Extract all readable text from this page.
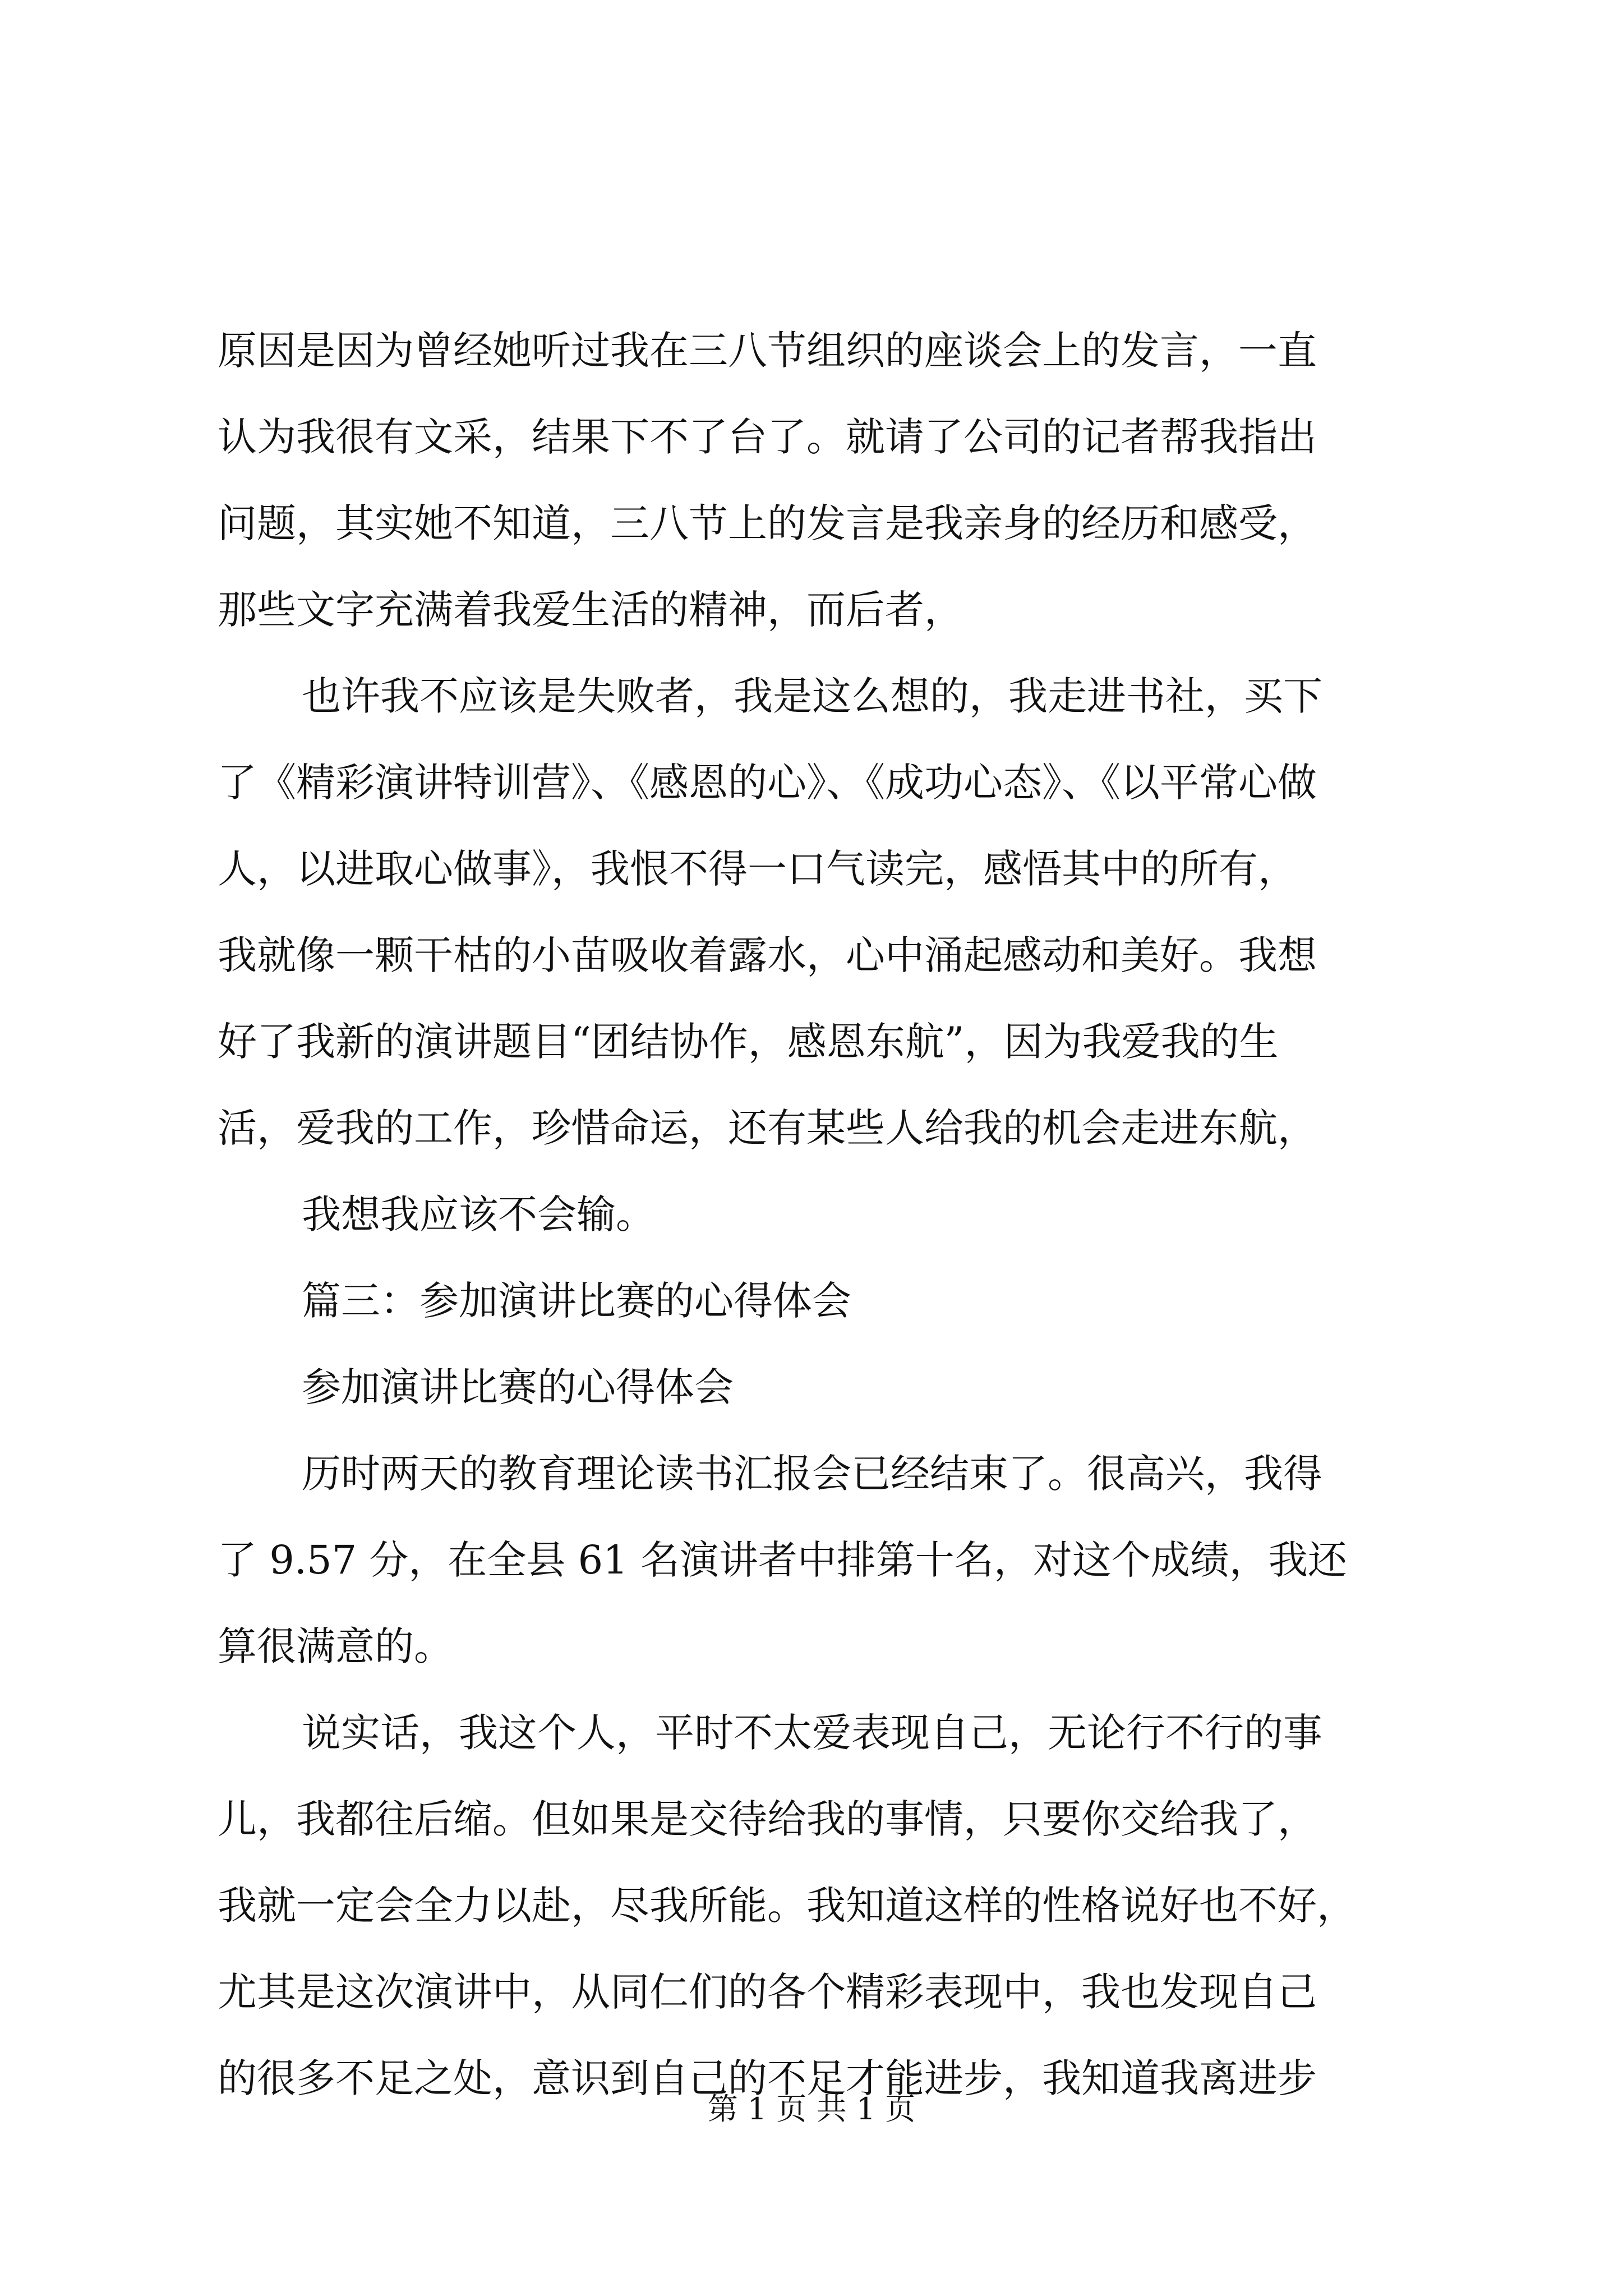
原因是因为曾经她听过我在三八节组织的座谈会上的发言，一直
认为我很有文采，结果下不了台了。就请了公司的记者帮我指出
问题，其实她不知道，三八节上的发言是我亲身的经历和感受，
那些文字充满着我爱生活的精神，而后者，
也许我不应该是失败者，我是这么想的，我走进书社，买下
了《精彩演讲特训营》、《感恩的心》、《成功心态》、《以平常心做
人，以进取心做事》，我恨不得一口气读完，感悟其中的所有，
我就像一颗干枯的小苗吸收着露水，心中涌起感动和美好。我想
好了我新的演讲题目“团结协作，感恩东航”，因为我爱我的生
活，爱我的工作，珍惜命运，还有某些人给我的机会走进东航，
我想我应该不会输。
篇三：参加演讲比赛的心得体会
参加演讲比赛的心得体会
历时两天的教育理论读书汇报会已经结束了。很高兴，我得
了 9.57 分，在全县 61 名演讲者中排第十名，对这个成绩，我还
算很满意的。
说实话，我这个人，平时不太爱表现自己，无论行不行的事
儿，我都往后缩。但如果是交待给我的事情，只要你交给我了，
我就一定会全力以赴，尽我所能。我知道这样的性格说好也不好，
尤其是这次演讲中，从同仁们的各个精彩表现中，我也发现自己
的很多不足之处，意识到自己的不足才能进步，我知道我离进步
第 1 页 共 1 页
